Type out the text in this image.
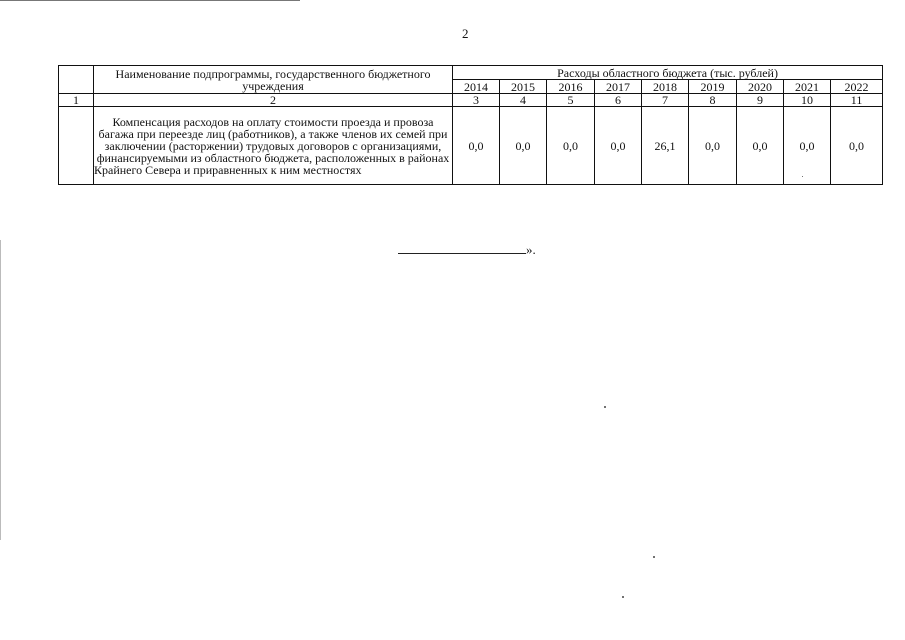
2
	Наименование подпрограммы, государственного бюджетного учреждения	Расходы областного бюджета (тыс. рублей)								
		2014	2015	2016	2017	2018	2019	2020	2021	2022
1	2	3	4	5	6	7	8	9	10	11
	Компенсация расходов на оплату стоимости проезда и провоза багажа при переезде лиц (работников), а также членов их семей при заключении (расторжении) трудовых договоров с организациями, финансируемыми из областного бюджета, расположенных в районах Крайнего Севера и приравненных к ним местностях	0,0	0,0	0,0	0,0	26,1	0,0	0,0	0,0	0,0
».
